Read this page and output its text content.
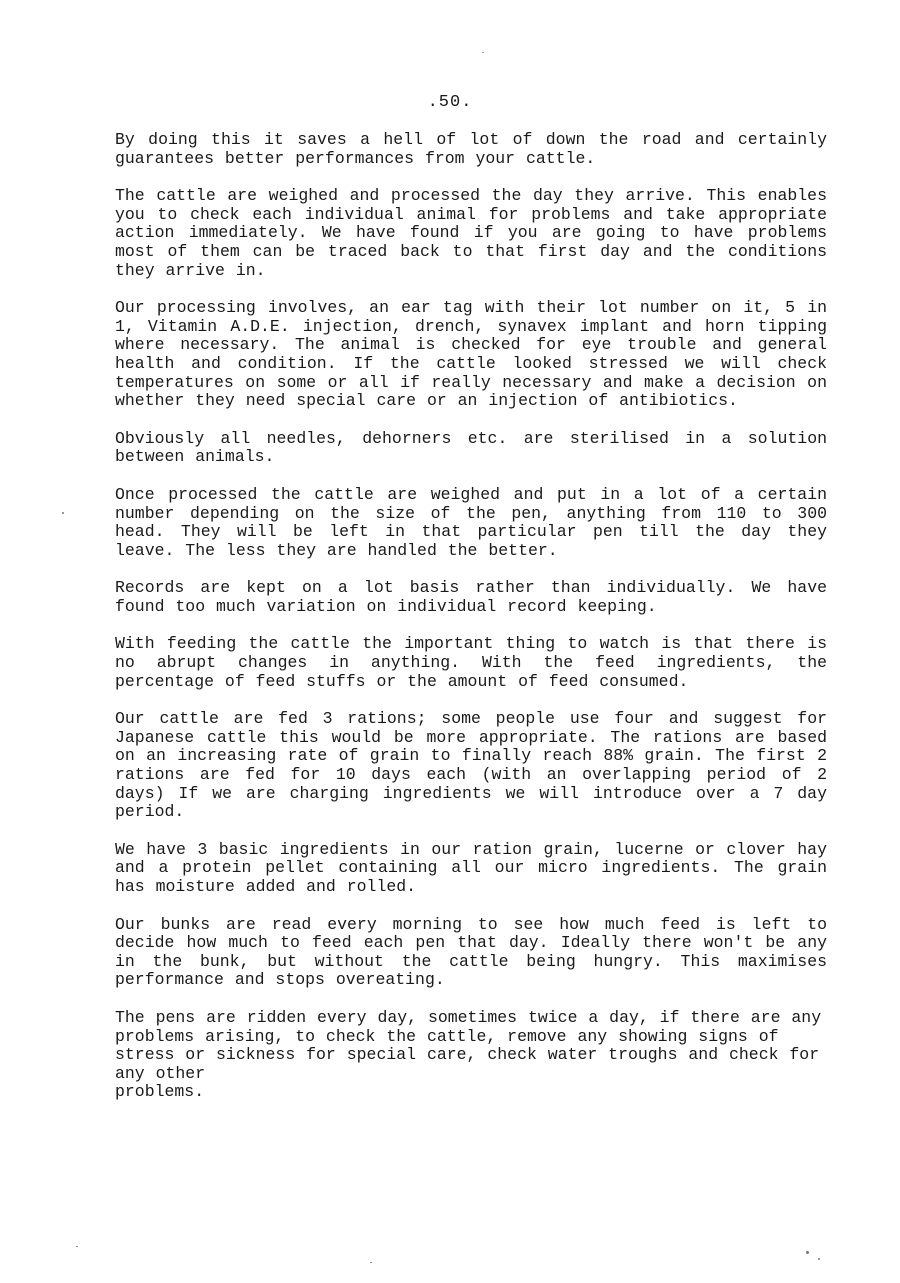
.50.

By doing this it saves a hell of lot of down the road and certainly guarantees better performances from your cattle.

The cattle are weighed and processed the day they arrive. This enables you to check each individual animal for problems and take appropriate action immediately. We have found if you are going to have problems most of them can be traced back to that first day and the conditions they arrive in.

Our processing involves, an ear tag with their lot number on it, 5 in 1, Vitamin A.D.E. injection, drench, synavex implant and horn tipping where necessary. The animal is checked for eye trouble and general health and condition. If the cattle looked stressed we will check temperatures on some or all if really necessary and make a decision on whether they need special care or an injection of antibiotics.

Obviously all needles, dehorners etc. are sterilised in a solution between animals.

Once processed the cattle are weighed and put in a lot of a certain number depending on the size of the pen, anything from 110 to 300 head. They will be left in that particular pen till the day they leave. The less they are handled the better.

Records are kept on a lot basis rather than individually. We have found too much variation on individual record keeping.

With feeding the cattle the important thing to watch is that there is no abrupt changes in anything. With the feed ingredients, the percentage of feed stuffs or the amount of feed consumed.

Our cattle are fed 3 rations; some people use four and suggest for Japanese cattle this would be more appropriate. The rations are based on an increasing rate of grain to finally reach 88% grain. The first 2 rations are fed for 10 days each (with an overlapping period of 2 days) If we are charging ingredients we will introduce over a 7 day period.

We have 3 basic ingredients in our ration grain, lucerne or clover hay and a protein pellet containing all our micro ingredients. The grain has moisture added and rolled.

Our bunks are read every morning to see how much feed is left to decide how much to feed each pen that day. Ideally there won't be any in the bunk, but without the cattle being hungry. This maximises performance and stops overeating.

The pens are ridden every day, sometimes twice a day, if there are any problems arising, to check the cattle, remove any showing signs of stress or sickness for special care, check water troughs and check for any other
problems.
